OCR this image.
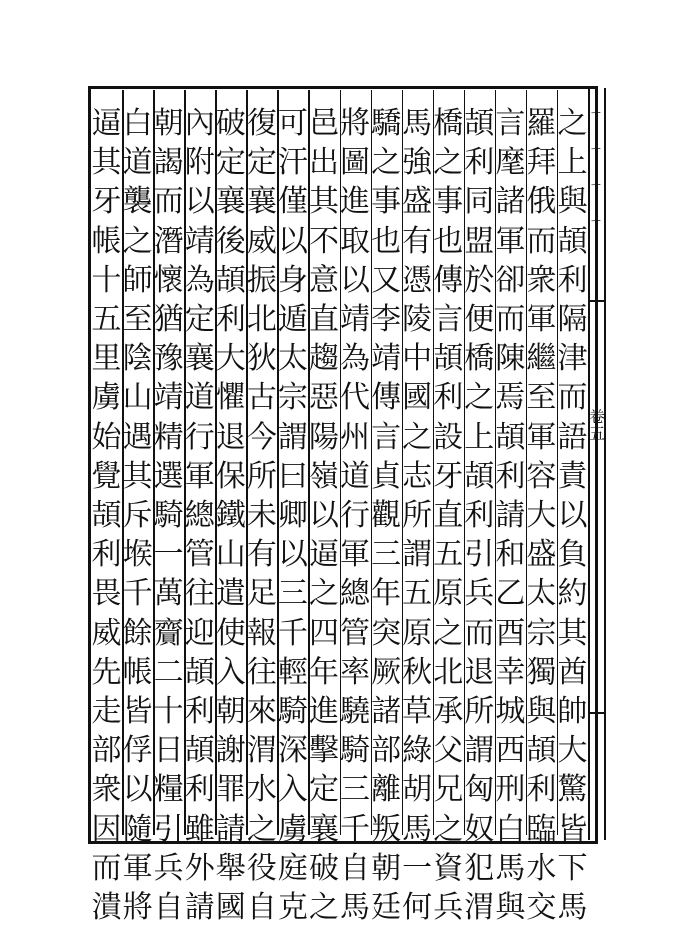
ㄧ ㄧ ㄧ ㄧ
卷五
之上與頡利隔津而語責以負約其酋帥大驚皆下馬
羅拜俄而衆軍繼至軍容大盛太宗獨與頡利臨水交
言麾諸軍卻而陳焉頡利請和乙酉幸城西刑白馬與
頡利同盟於便橋之上頡利引兵而退所謂匈奴犯渭
橋之事也傳言頡利設牙直五原之北承父兄之資兵
馬強盛有憑陵中國之志所謂五原秋草綠胡馬一何
驕之事也又李靖傳言貞觀三年突厥諸部離叛朝廷
將圖進取以靖為代州道行軍總管率驍騎三千自馬
邑出其不意直趨惡陽嶺以逼之四年進擊定襄破之
可汗僅以身遁太宗謂曰卿以三千輕騎深入虜庭克
復定襄威振北狄古今所未有足報往來渭水之役自
破定襄後頡利大懼退保鐵山遣使入朝謝罪請舉國
內附以靖為定襄道行軍總管往迎頡利頡利雖外請
朝謁而潛懷猶豫靖精選騎一萬齎二十日糧引兵自
白道襲之師至陰山遇其斥堠千餘帳皆俘以隨軍將
逼其牙帳十五里虜始覺頡利畏威先走部衆因而潰
